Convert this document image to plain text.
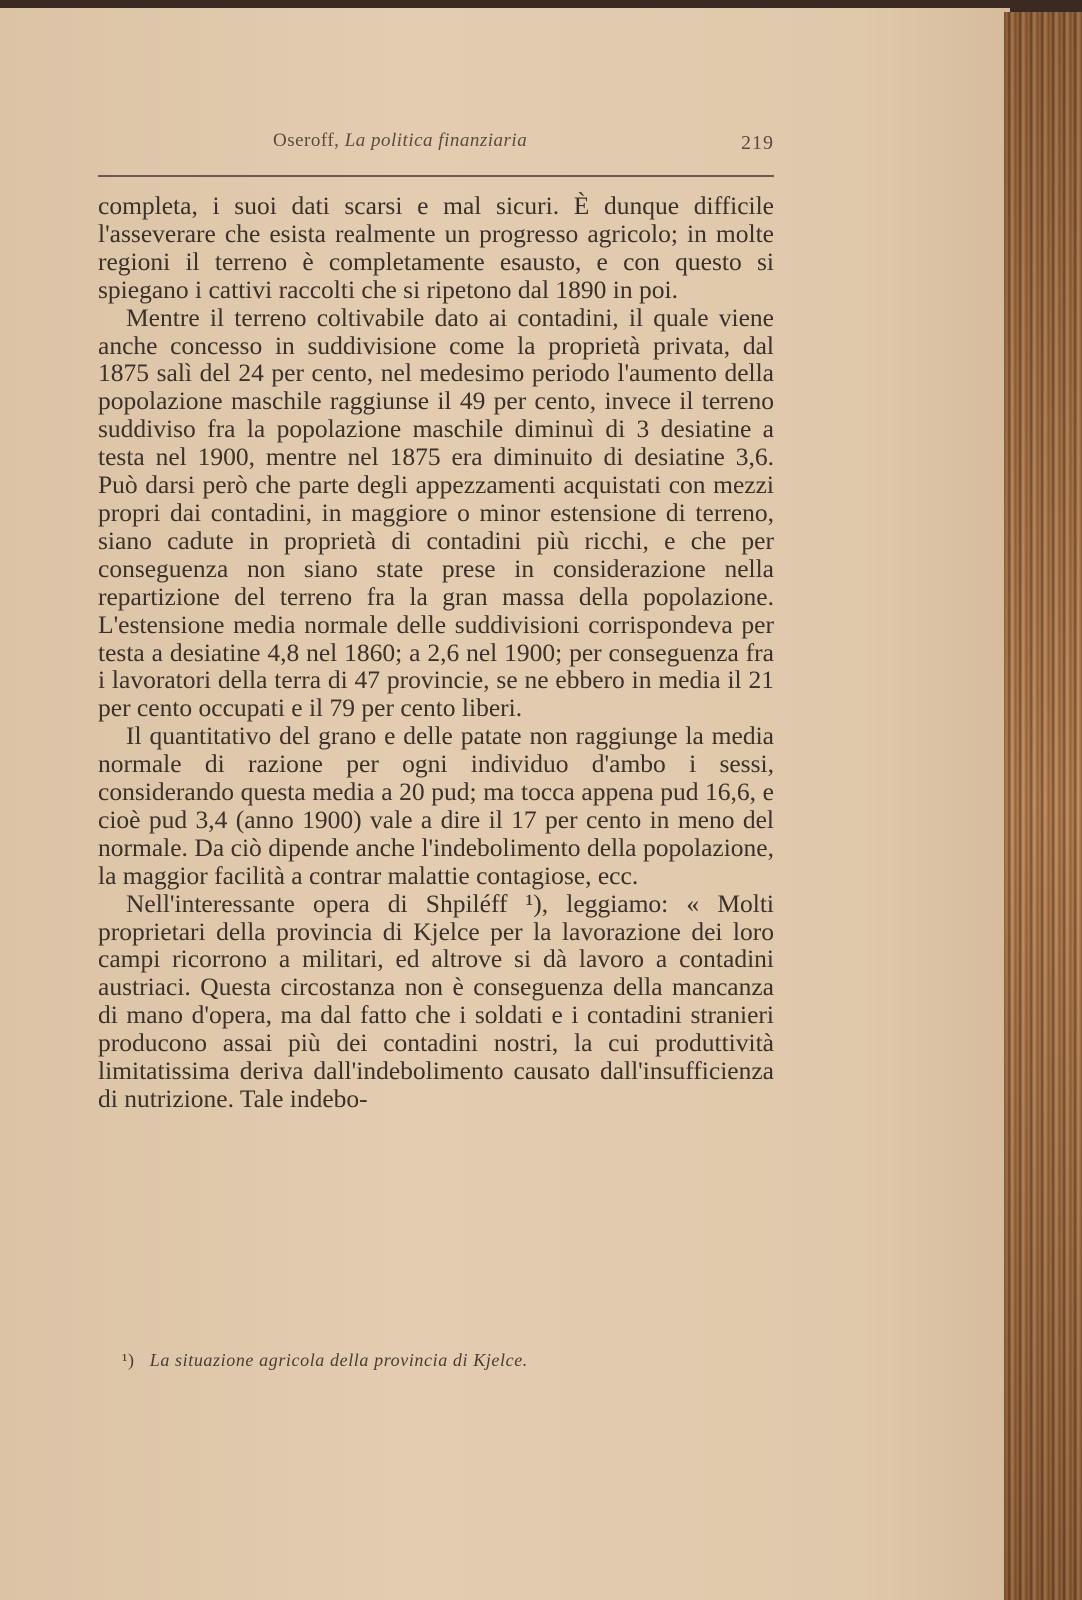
Oseroff, La politica finanziaria	219

completa, i suoi dati scarsi e mal sicuri. È dunque difficile l'asseverare che esista realmente un progresso agricolo; in molte regioni il terreno è completamente esausto, e con questo si spiegano i cattivi raccolti che si ripetono dal 1890 in poi.

Mentre il terreno coltivabile dato ai contadini, il quale viene anche concesso in suddivisione come la proprietà privata, dal 1875 salì del 24 per cento, nel medesimo periodo l'aumento della popolazione maschile raggiunse il 49 per cento, invece il terreno suddiviso fra la popolazione maschile diminuì di 3 desiatine a testa nel 1900, mentre nel 1875 era diminuito di desiatine 3,6. Può darsi però che parte degli appezzamenti acquistati con mezzi propri dai contadini, in maggiore o minor estensione di terreno, siano cadute in proprietà di contadini più ricchi, e che per conseguenza non siano state prese in considerazione nella repartizione del terreno fra la gran massa della popolazione. L'estensione media normale delle suddivisioni corrispondeva per testa a desiatine 4,8 nel 1860; a 2,6 nel 1900; per conseguenza fra i lavoratori della terra di 47 provincie, se ne ebbero in media il 21 per cento occupati e il 79 per cento liberi.

Il quantitativo del grano e delle patate non raggiunge la media normale di razione per ogni individuo d'ambo i sessi, considerando questa media a 20 pud; ma tocca appena pud 16,6, e cioè pud 3,4 (anno 1900) vale a dire il 17 per cento in meno del normale. Da ciò dipende anche l'indebolimento della popolazione, la maggior facilità a contrar malattie contagiose, ecc.

Nell'interessante opera di Shpiléff ¹), leggiamo: « Molti proprietari della provincia di Kjelce per la lavorazione dei loro campi ricorrono a militari, ed altrove si dà lavoro a contadini austriaci. Questa circostanza non è conseguenza della mancanza di mano d'opera, ma dal fatto che i soldati e i contadini stranieri producono assai più dei contadini nostri, la cui produttività limitatissima deriva dall'indebolimento causato dall'insufficienza di nutrizione. Tale indebo-

¹) La situazione agricola della provincia di Kjelce.
